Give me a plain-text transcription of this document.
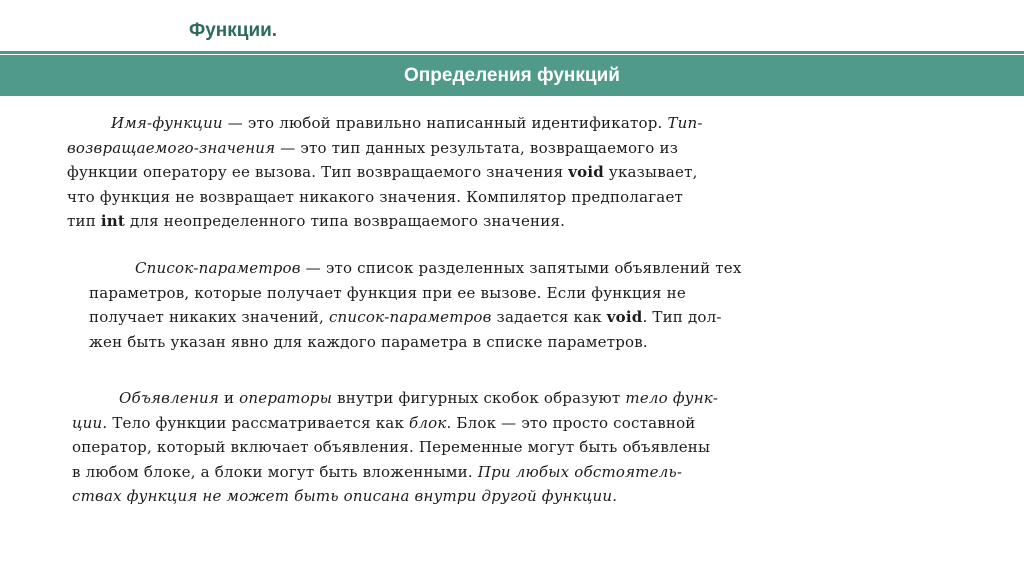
Функции.
Определения функций
Имя-функции — это любой правильно написанный идентификатор. Тип-
возвращаемого-значения — это тип данных результата, возвращаемого из
функции оператору ее вызова. Тип возвращаемого значения void указывает,
что функция не возвращает никакого значения. Компилятор предполагает
тип int для неопределенного типа возвращаемого значения.
Список-параметров — это список разделенных запятыми объявлений тех
параметров, которые получает функция при ее вызове. Если функция не
получает никаких значений, список-параметров задается как void. Тип дол-
жен быть указан явно для каждого параметра в списке параметров.
Объявления и операторы внутри фигурных скобок образуют тело функ-
ции. Тело функции рассматривается как блок. Блок — это просто составной
оператор, который включает объявления. Переменные могут быть объявлены
в любом блоке, а блоки могут быть вложенными. При любых обстоятель-
ствах функция не может быть описана внутри другой функции.
